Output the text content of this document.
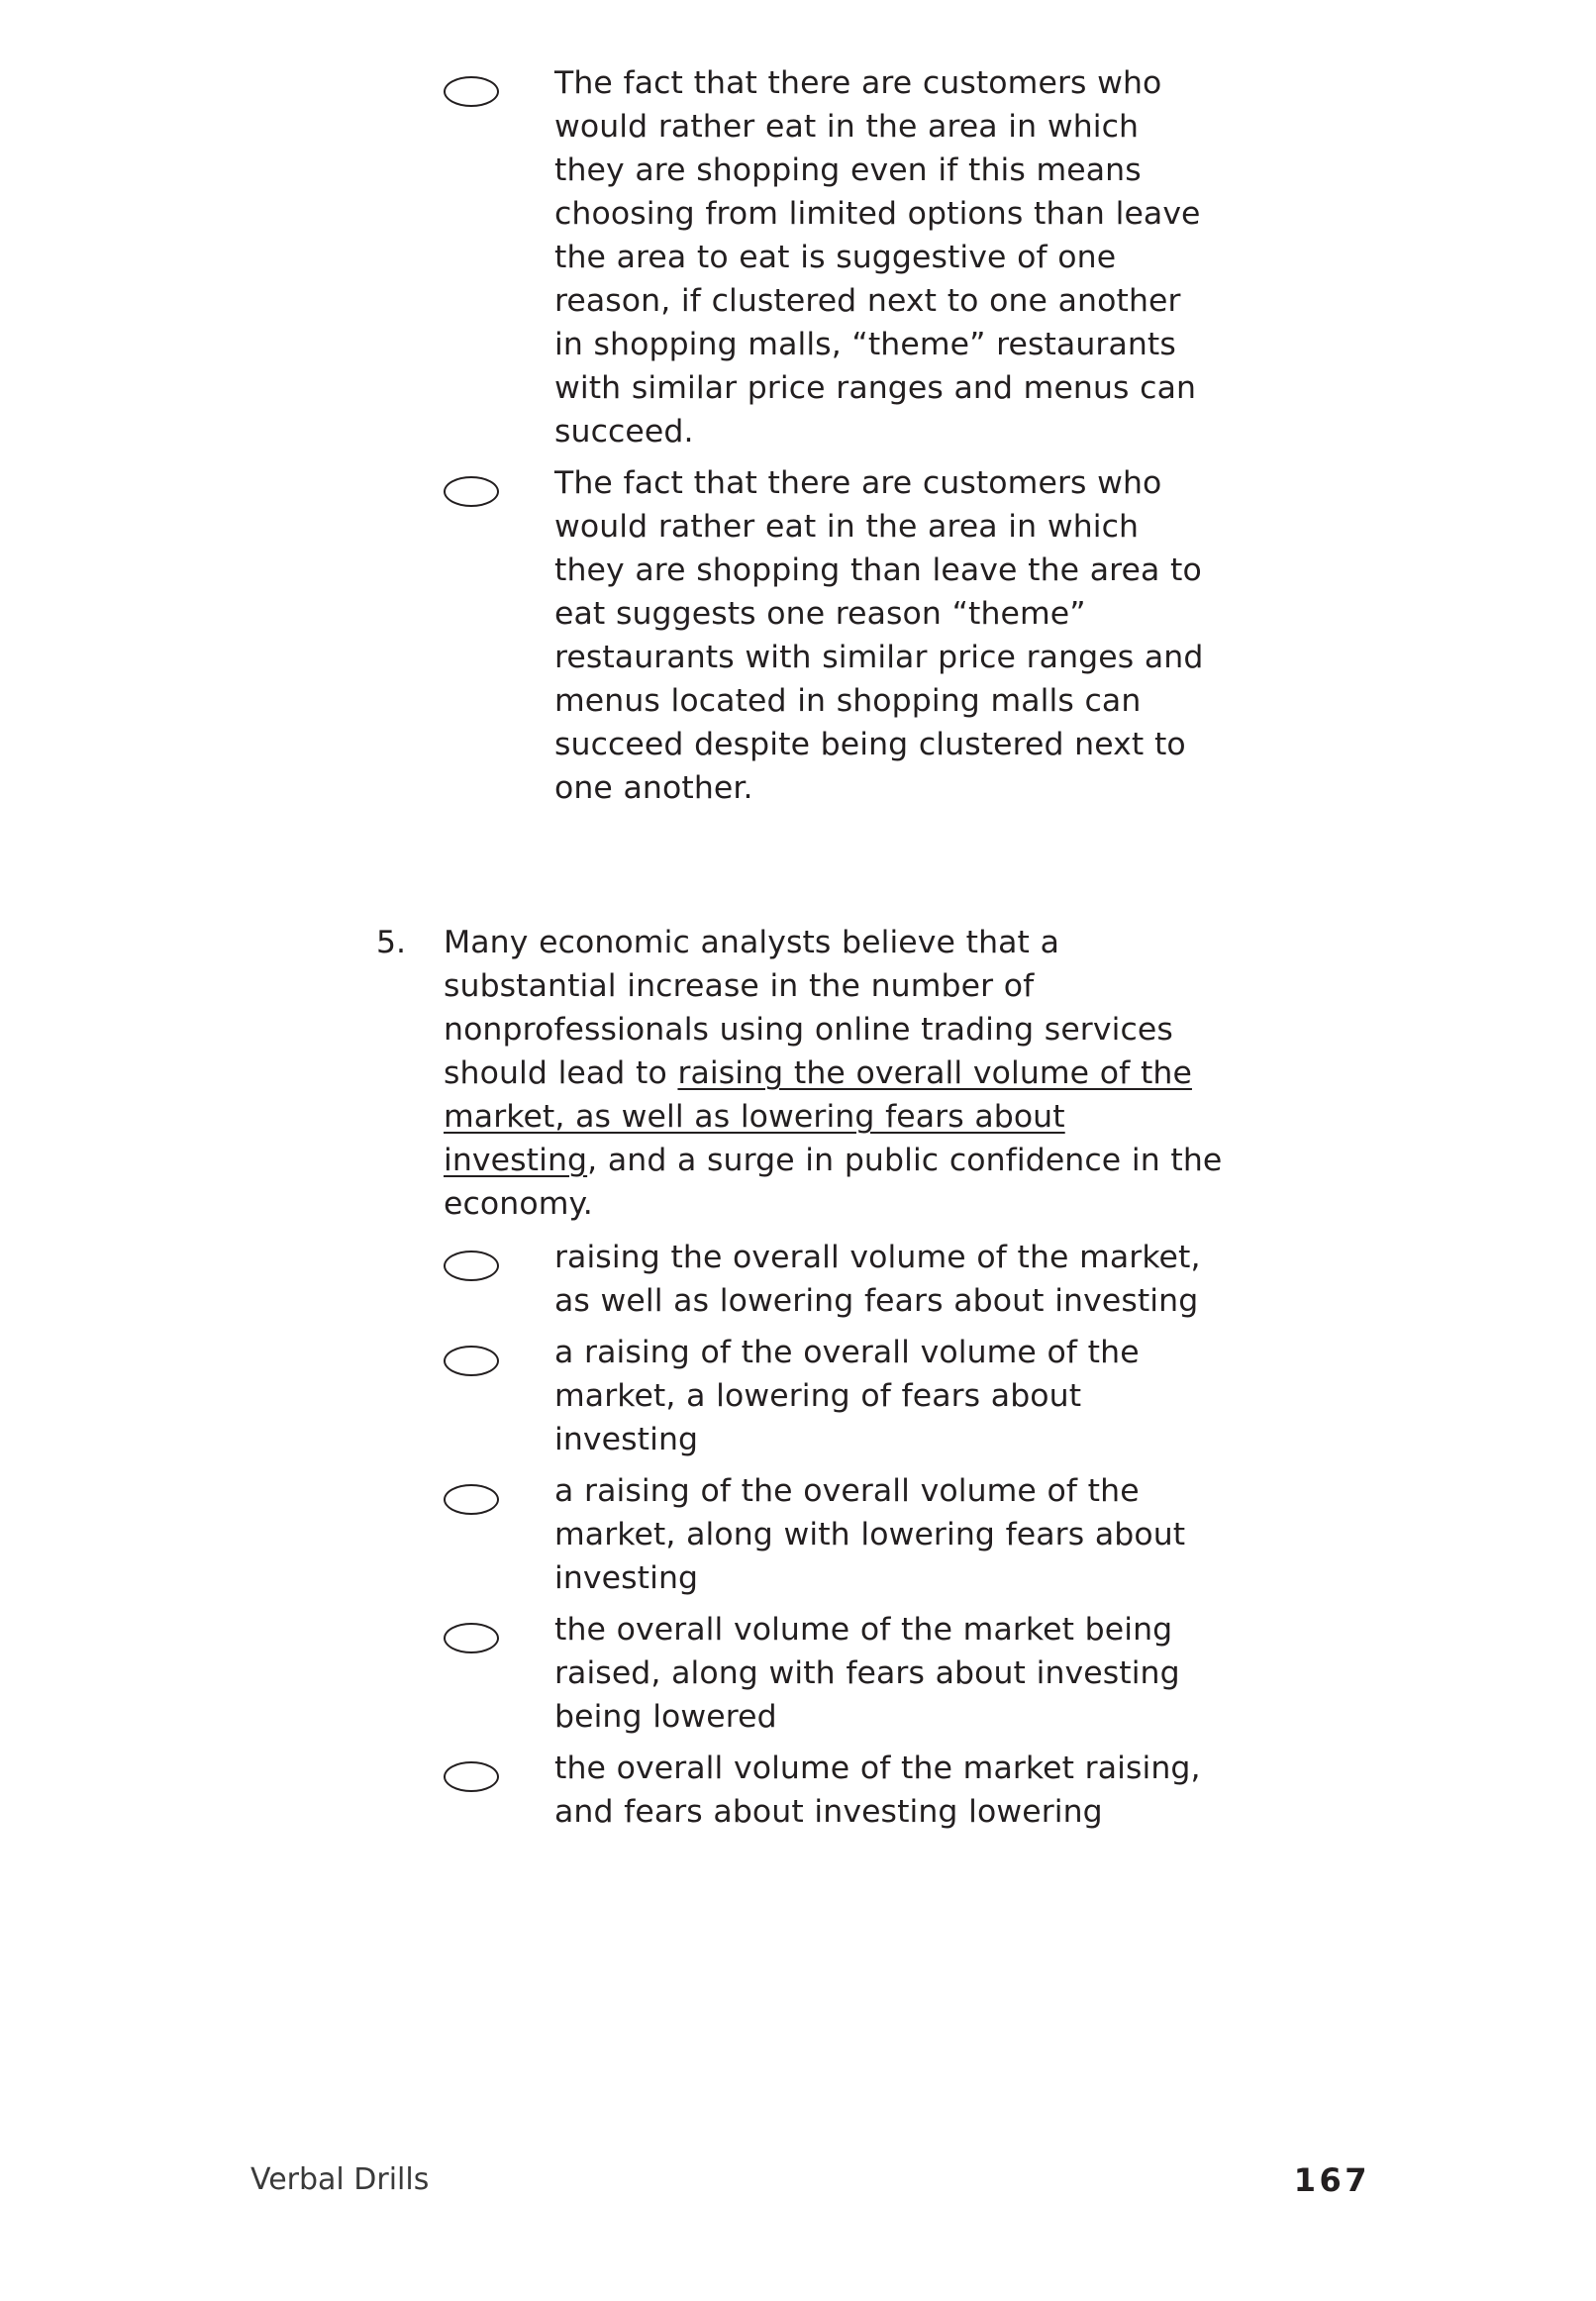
The fact that there are customers who would rather eat in the area in which they are shopping even if this means choosing from limited options than leave the area to eat is suggestive of one reason, if clustered next to one another in shopping malls, “theme” restaurants with similar price ranges and menus can succeed.
The fact that there are customers who would rather eat in the area in which they are shopping than leave the area to eat suggests one reason “theme” restaurants with similar price ranges and menus located in shopping malls can succeed despite being clustered next to one another.
5.	Many economic analysts believe that a substantial increase in the number of nonprofessionals using online trading services should lead to raising the overall volume of the market, as well as lowering fears about investing, and a surge in public confidence in the economy.
raising the overall volume of the market, as well as lowering fears about investing
a raising of the overall volume of the market, a lowering of fears about investing
a raising of the overall volume of the market, along with lowering fears about investing
the overall volume of the market being raised, along with fears about investing being lowered
the overall volume of the market raising, and fears about investing lowering
Verbal Drills	167
